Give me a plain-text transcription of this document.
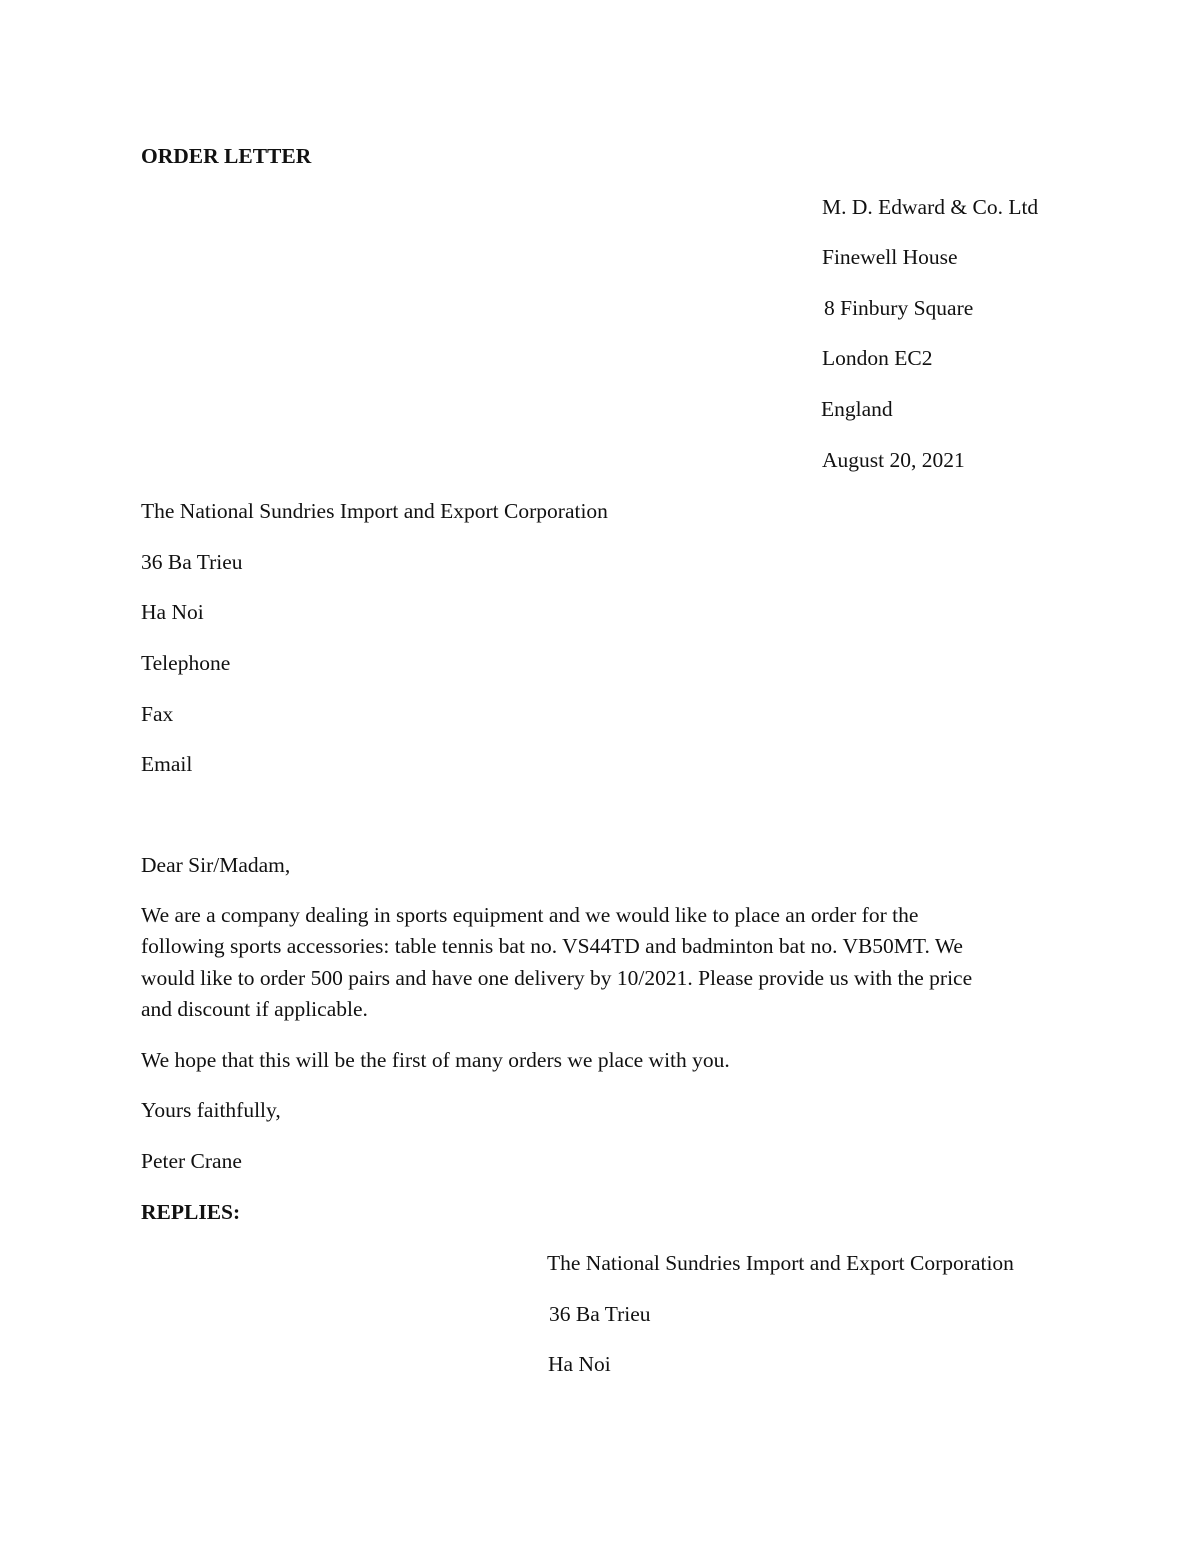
ORDER LETTER

M. D. Edward & Co. Ltd

Finewell House

8 Finbury Square

London EC2

England

August 20, 2021

The National Sundries Import and Export Corporation

36 Ba Trieu

Ha Noi

Telephone

Fax

Email

Dear Sir/Madam,

We are a company dealing in sports equipment and we would like to place an order for the

following sports accessories: table tennis bat no. VS44TD and badminton bat no. VB50MT. We

would like to order 500 pairs and have one delivery by 10/2021. Please provide us with the price

and discount if applicable.

We hope that this will be the first of many orders we place with you.

Yours faithfully,

Peter Crane

REPLIES:

The National Sundries Import and Export Corporation

36 Ba Trieu

Ha Noi
